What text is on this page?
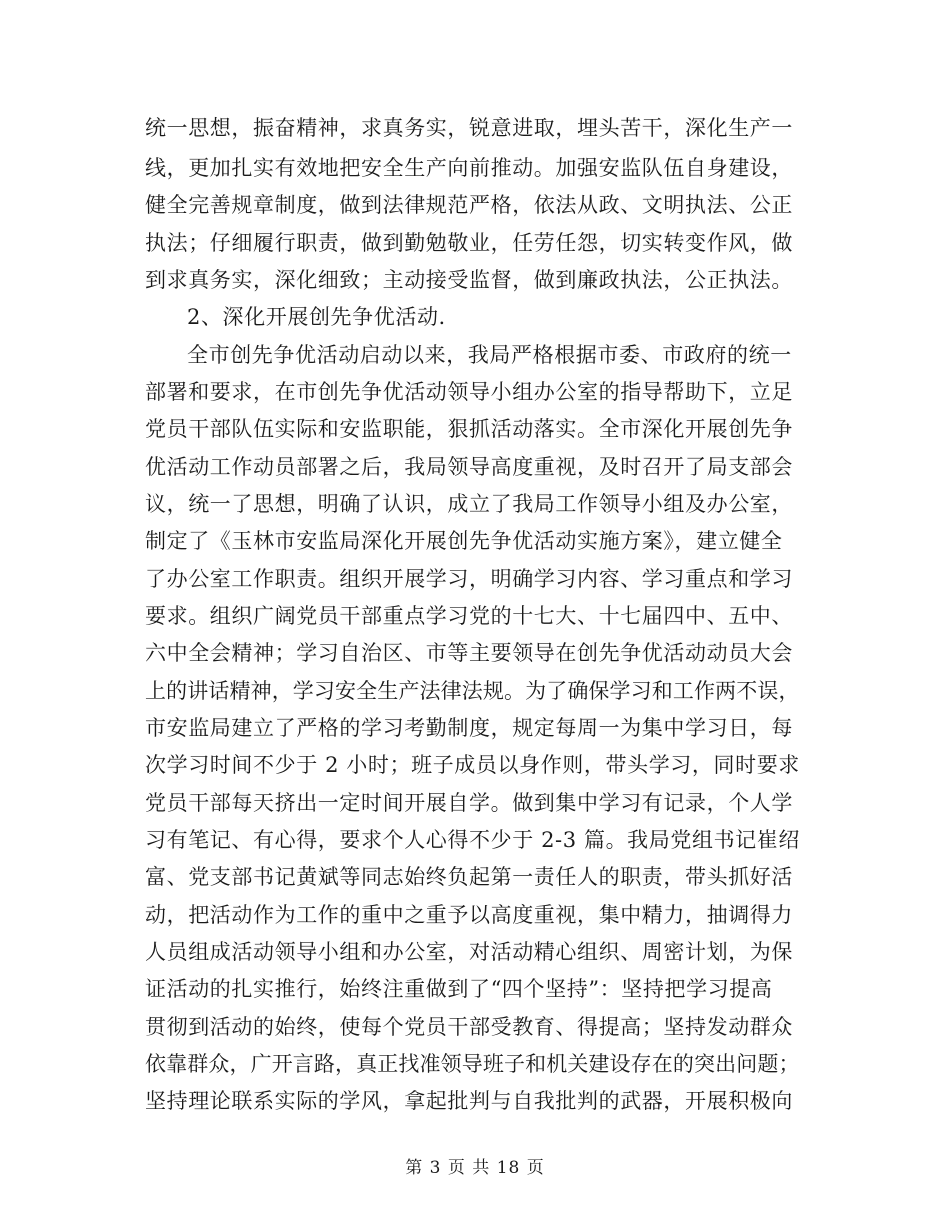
统一思想，振奋精神，求真务实，锐意进取，埋头苦干，深化生产一
线，更加扎实有效地把安全生产向前推动。加强安监队伍自身建设，
健全完善规章制度，做到法律规范严格，依法从政、文明执法、公正
执法；仔细履行职责，做到勤勉敬业，任劳任怨，切实转变作风，做
到求真务实，深化细致；主动接受监督，做到廉政执法，公正执法。
2、深化开展创先争优活动.
全市创先争优活动启动以来，我局严格根据市委、市政府的统一
部署和要求，在市创先争优活动领导小组办公室的指导帮助下，立足
党员干部队伍实际和安监职能，狠抓活动落实。全市深化开展创先争
优活动工作动员部署之后，我局领导高度重视，及时召开了局支部会
议，统一了思想，明确了认识，成立了我局工作领导小组及办公室，
制定了《玉林市安监局深化开展创先争优活动实施方案》，建立健全
了办公室工作职责。组织开展学习，明确学习内容、学习重点和学习
要求。组织广阔党员干部重点学习党的十七大、十七届四中、五中、
六中全会精神；学习自治区、市等主要领导在创先争优活动动员大会
上的讲话精神，学习安全生产法律法规。为了确保学习和工作两不误，
市安监局建立了严格的学习考勤制度，规定每周一为集中学习日，每
次学习时间不少于 2 小时；班子成员以身作则，带头学习，同时要求
党员干部每天挤出一定时间开展自学。做到集中学习有记录，个人学
习有笔记、有心得，要求个人心得不少于 2-3 篇。我局党组书记崔绍
富、党支部书记黄斌等同志始终负起第一责任人的职责，带头抓好活
动，把活动作为工作的重中之重予以高度重视，集中精力，抽调得力
人员组成活动领导小组和办公室，对活动精心组织、周密计划，为保
证活动的扎实推行，始终注重做到了“四个坚持”：坚持把学习提高
贯彻到活动的始终，使每个党员干部受教育、得提高；坚持发动群众
依靠群众，广开言路，真正找准领导班子和机关建设存在的突出问题；
坚持理论联系实际的学风，拿起批判与自我批判的武器，开展积极向
第 3 页 共 18 页
